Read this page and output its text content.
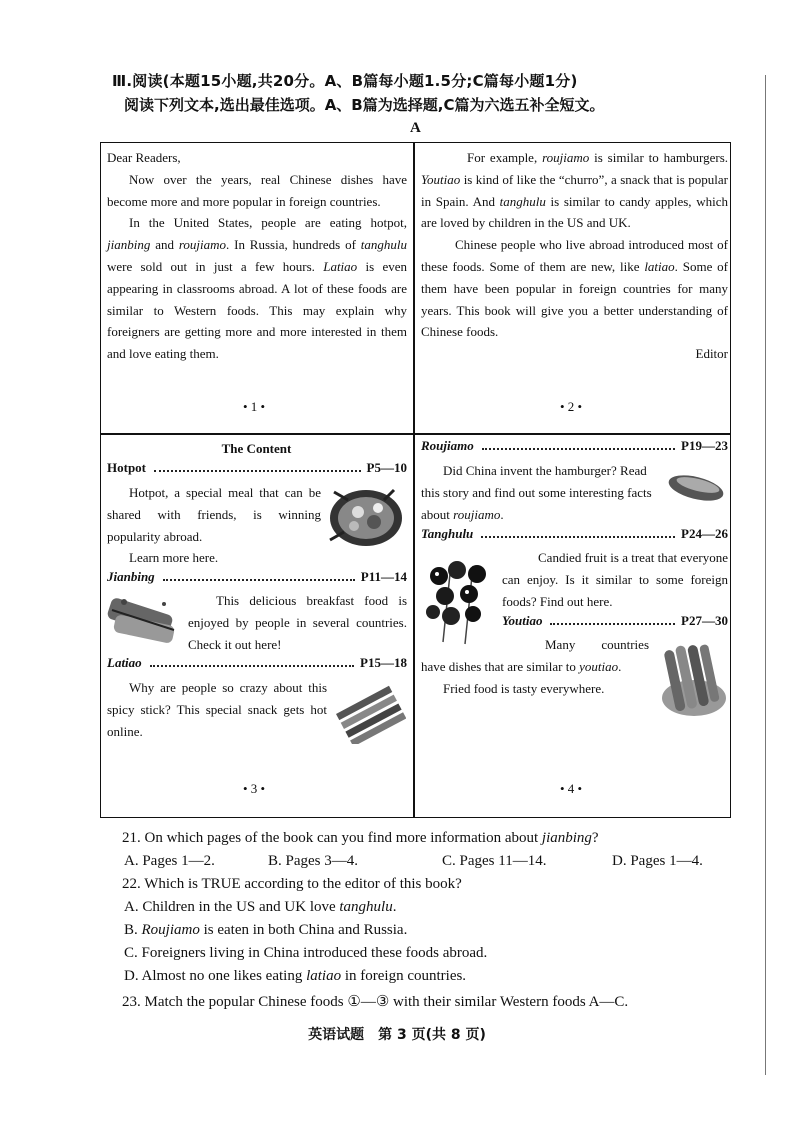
Ⅲ.阅读(本题15小题,共20分。A、B篇每小题1.5分;C篇每小题1分)
阅读下列文本,选出最佳选项。A、B篇为选择题,C篇为六选五补全短文。
A

Dear Readers,

Now over the years, real Chinese dishes have become more and more popular in foreign countries.

In the United States, people are eating hotpot, jianbing and roujiamo. In Russia, hundreds of tanghulu were sold out in just a few hours. Latiao is even appearing in classrooms abroad. A lot of these foods are similar to Western foods. This may explain why foreigners are getting more and more interested in them and love eating them.

• 1 •

For example, roujiamo is similar to hamburgers. Youtiao is kind of like the “churro”, a snack that is popular in Spain. And tanghulu is similar to candy apples, which are loved by children in the US and UK.

Chinese people who live abroad introduced most of these foods. Some of them are new, like latiao. Some of them have been popular in foreign countries for many years. This book will give you a better understanding of Chinese foods.

Editor

• 2 •
The Content
Hotpot	P5—10

Hotpot, a special meal that can be shared with friends, is winning popularity abroad.

Learn more here.

Jianbing	P11—14

This delicious breakfast food is enjoyed by people in several countries. Check it out here!

Latiao	P15—18

Why are people so crazy about this spicy stick? This special snack gets hot online.

• 3 •
Roujiamo	P19—23

Did China invent the hamburger? Read this story and find out some interesting facts about roujiamo.

Tanghulu	P24—26

Candied fruit is a treat that everyone can enjoy. Is it similar to some foreign foods? Find out here.

Youtiao	P27—30

Many countries have dishes that are similar to youtiao.

Fried food is tasty everywhere.

• 4 •
21. On which pages of the book can you find more information about jianbing?
A. Pages 1—2.	B. Pages 3—4.	C. Pages 11—14.	D. Pages 1—4.
22. Which is TRUE according to the editor of this book?
A. Children in the US and UK love tanghulu.
B. Roujiamo is eaten in both China and Russia.
C. Foreigners living in China introduced these foods abroad.
D. Almost no one likes eating latiao in foreign countries.
23. Match the popular Chinese foods ①—③ with their similar Western foods A—C.
英语试题　第 3 页(共 8 页)
